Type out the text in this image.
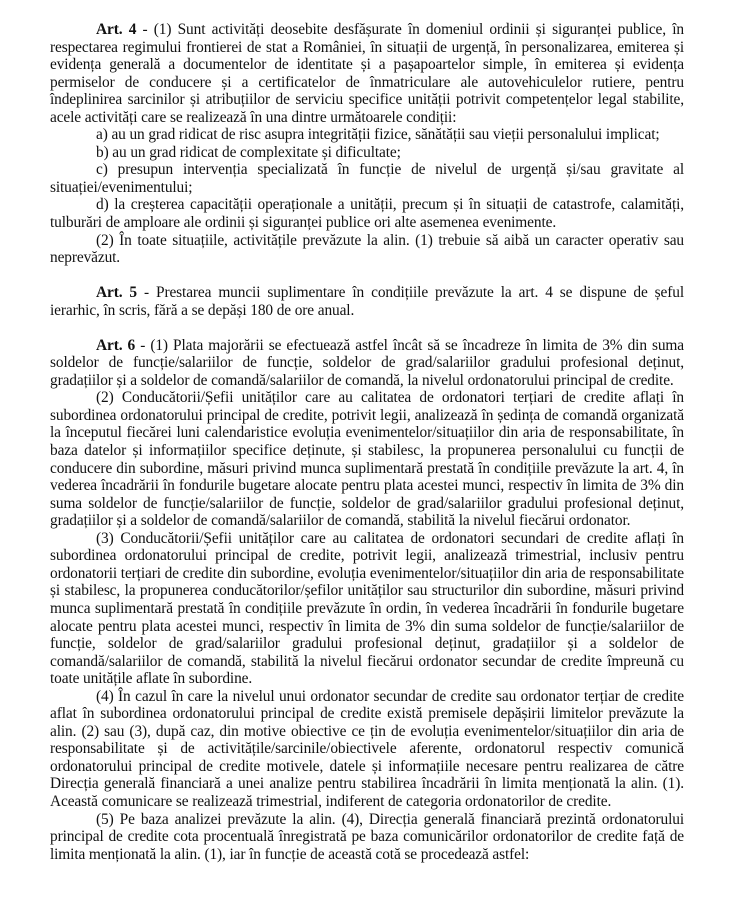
Art. 4 - (1) Sunt activități deosebite desfășurate în domeniul ordinii și siguranței publice, în respectarea regimului frontierei de stat a României, în situații de urgență, în personalizarea, emiterea și evidența generală a documentelor de identitate și a pașapoartelor simple, în emiterea și evidența permiselor de conducere și a certificatelor de înmatriculare ale autovehiculelor rutiere, pentru îndeplinirea sarcinilor și atribuțiilor de serviciu specifice unității potrivit competențelor legal stabilite, acele activități care se realizează în una dintre următoarele condiții:

a) au un grad ridicat de risc asupra integrității fizice, sănătății sau vieții personalului implicat;

b) au un grad ridicat de complexitate și dificultate;

c) presupun intervenția specializată în funcție de nivelul de urgență și/sau gravitate al situației/evenimentului;

d) la creșterea capacității operaționale a unității, precum și în situații de catastrofe, calamități, tulburări de amploare ale ordinii și siguranței publice ori alte asemenea evenimente.

(2) În toate situațiile, activitățile prevăzute la alin. (1) trebuie să aibă un caracter operativ sau neprevăzut.

Art. 5 - Prestarea muncii suplimentare în condițiile prevăzute la art. 4 se dispune de șeful ierarhic, în scris, fără a se depăși 180 de ore anual.

Art. 6 - (1) Plata majorării se efectuează astfel încât să se încadreze în limita de 3% din suma soldelor de funcție/salariilor de funcție, soldelor de grad/salariilor gradului profesional deținut, gradațiilor și a soldelor de comandă/salariilor de comandă, la nivelul ordonatorului principal de credite.

(2) Conducătorii/Șefii unităților care au calitatea de ordonatori terțiari de credite aflați în subordinea ordonatorului principal de credite, potrivit legii, analizează în ședința de comandă organizată la începutul fiecărei luni calendaristice evoluția evenimentelor/situațiilor din aria de responsabilitate, în baza datelor și informațiilor specifice deținute, și stabilesc, la propunerea personalului cu funcții de conducere din subordine, măsuri privind munca suplimentară prestată în condițiile prevăzute la art. 4, în vederea încadrării în fondurile bugetare alocate pentru plata acestei munci, respectiv în limita de 3% din suma soldelor de funcție/salariilor de funcție, soldelor de grad/salariilor gradului profesional deținut, gradațiilor și a soldelor de comandă/salariilor de comandă, stabilită la nivelul fiecărui ordonator.

(3) Conducătorii/Șefii unităților care au calitatea de ordonatori secundari de credite aflați în subordinea ordonatorului principal de credite, potrivit legii, analizează trimestrial, inclusiv pentru ordonatorii terțiari de credite din subordine, evoluția evenimentelor/situațiilor din aria de responsabilitate și stabilesc, la propunerea conducătorilor/șefilor unităților sau structurilor din subordine, măsuri privind munca suplimentară prestată în condițiile prevăzute în ordin, în vederea încadrării în fondurile bugetare alocate pentru plata acestei munci, respectiv în limita de 3% din suma soldelor de funcție/salariilor de funcție, soldelor de grad/salariilor gradului profesional deținut, gradațiilor și a soldelor de comandă/salariilor de comandă, stabilită la nivelul fiecărui ordonator secundar de credite împreună cu toate unitățile aflate în subordine.

(4) În cazul în care la nivelul unui ordonator secundar de credite sau ordonator terțiar de credite aflat în subordinea ordonatorului principal de credite există premisele depășirii limitelor prevăzute la alin. (2) sau (3), după caz, din motive obiective ce țin de evoluția evenimentelor/situațiilor din aria de responsabilitate și de activitățile/sarcinile/obiectivele aferente, ordonatorul respectiv comunică ordonatorului principal de credite motivele, datele și informațiile necesare pentru realizarea de către Direcția generală financiară a unei analize pentru stabilirea încadrării în limita menționată la alin. (1). Această comunicare se realizează trimestrial, indiferent de categoria ordonatorilor de credite.

(5) Pe baza analizei prevăzute la alin. (4), Direcția generală financiară prezintă ordonatorului principal de credite cota procentuală înregistrată pe baza comunicărilor ordonatorilor de credite față de limita menționată la alin. (1), iar în funcție de această cotă se procedează astfel:
